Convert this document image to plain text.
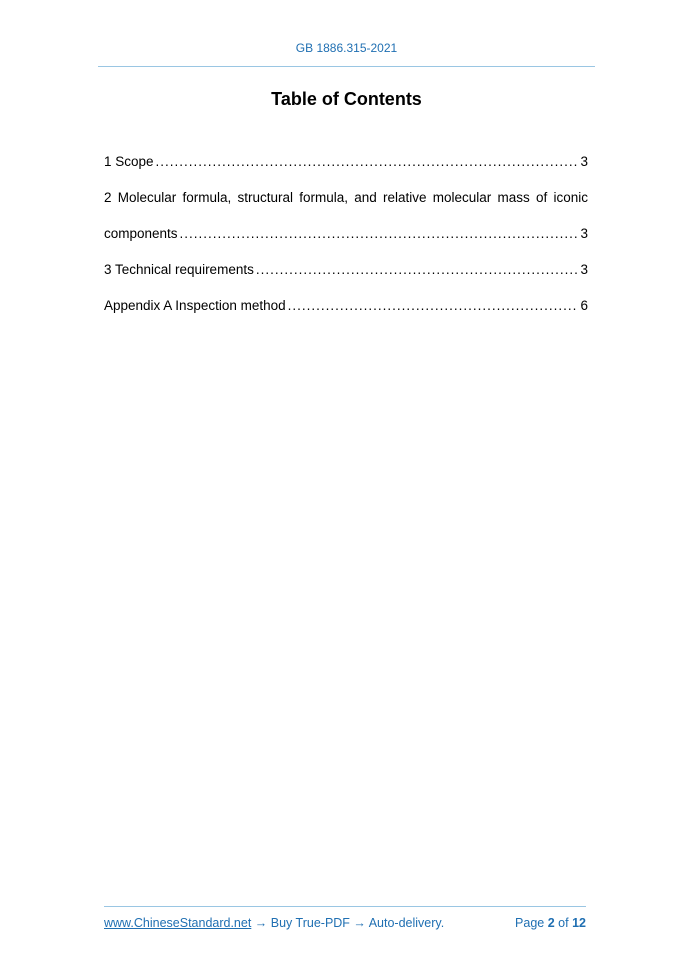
GB 1886.315-2021
Table of Contents
1 Scope .....	3
2 Molecular formula, structural formula, and relative molecular mass of iconic
components .....	3
3 Technical requirements .....	3
Appendix A Inspection method .....	6
www.ChineseStandard.net → Buy True-PDF → Auto-delivery.	Page 2 of 12
